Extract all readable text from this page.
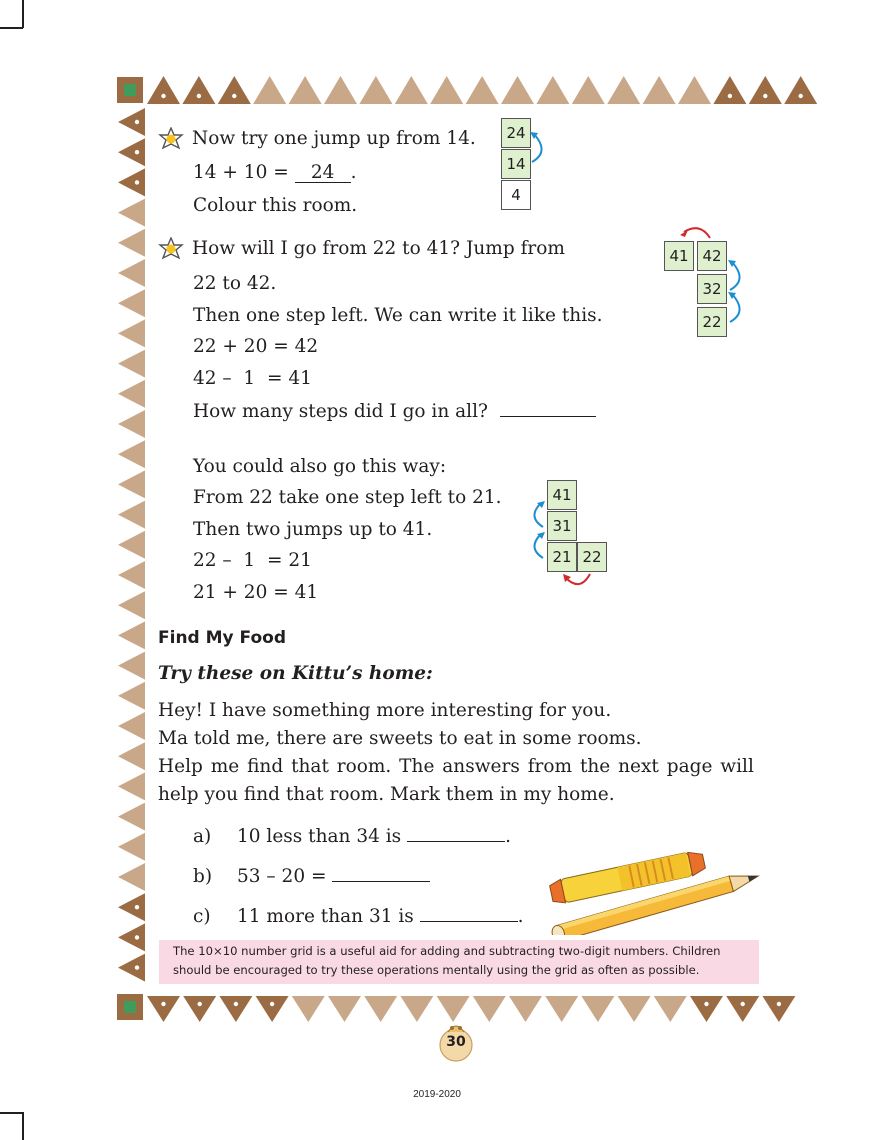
Now try one jump up from 14.
14 + 10 = 24 .
Colour this room.
24
14
4
How will I go from 22 to 41? Jump from
22 to 42.
Then one step left. We can write it like this.
22 + 20 = 42
42 –  1  = 41
How many steps did I go in all?
41 42
32
22
You could also go this way:
From 22 take one step left to 21.
Then two jumps up to 41.
22 –  1  = 21
21 + 20 = 41
41
31
21 22
Find My Food
Try these on Kittu’s home:
Hey! I have something more interesting for you.
Ma told me, there are sweets to eat in some rooms.
Help me find that room. The answers from the next page will
help you find that room. Mark them in my home.
a) 10 less than 34 is	.
b) 53 – 20 =
c) 11 more than 31 is	.
The 10×10 number grid is a useful aid for adding and subtracting two-digit numbers. Children
should be encouraged to try these operations mentally using the grid as often as possible.
30
2019-2020
